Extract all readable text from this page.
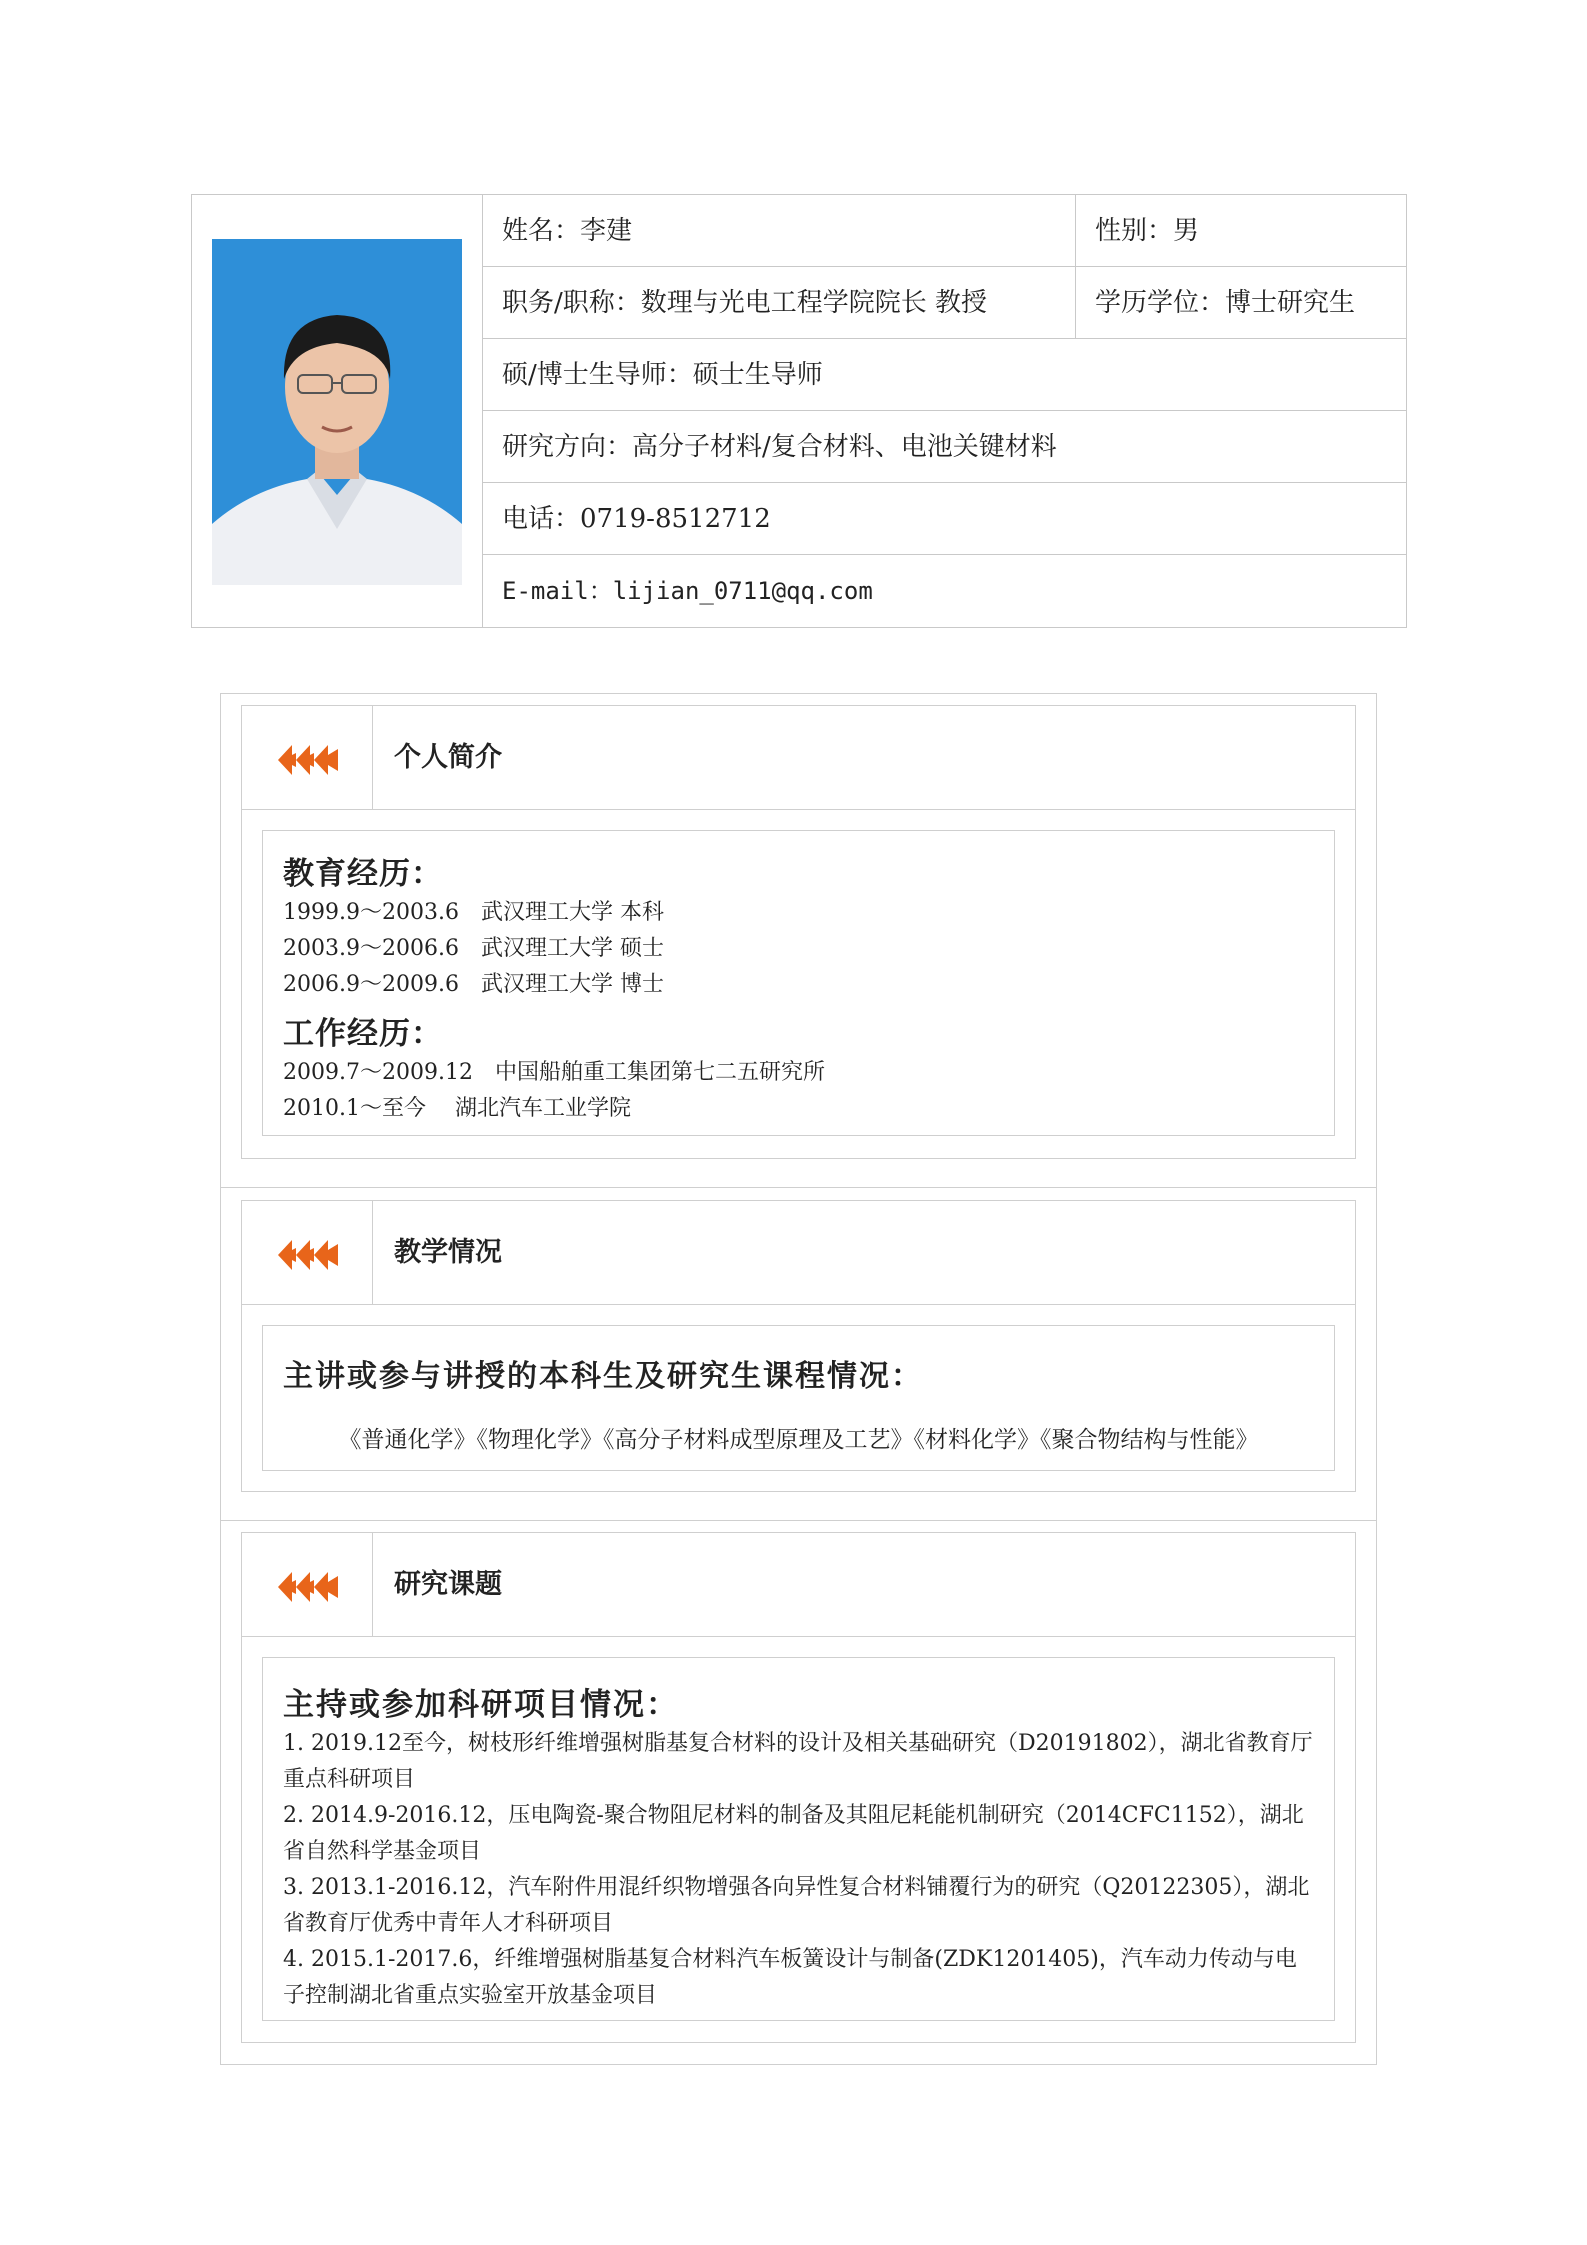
姓名：李建	性别：男
职务/职称：数理与光电工程学院院长 教授	学历学位：博士研究生
硕/博士生导师：硕士生导师
研究方向：高分子材料/复合材料、电池关键材料
电话：0719-8512712
E-mail：lijian_0711@qq.com
个人简介
教育经历：
1999.9～2003.6　武汉理工大学 本科
2003.9～2006.6　武汉理工大学 硕士
2006.9～2009.6　武汉理工大学 博士
工作经历：
2009.7～2009.12　中国船舶重工集团第七二五研究所
2010.1～至今　 湖北汽车工业学院
教学情况
主讲或参与讲授的本科生及研究生课程情况：
《普通化学》《物理化学》《高分子材料成型原理及工艺》《材料化学》《聚合物结构与性能》
研究课题
主持或参加科研项目情况：

1. 2019.12至今，树枝形纤维增强树脂基复合材料的设计及相关基础研究（D20191802），湖北省教育厅重点科研项目

2. 2014.9-2016.12，压电陶瓷-聚合物阻尼材料的制备及其阻尼耗能机制研究（2014CFC1152），湖北省自然科学基金项目

3. 2013.1-2016.12，汽车附件用混纤织物增强各向异性复合材料铺覆行为的研究（Q20122305），湖北省教育厅优秀中青年人才科研项目

4. 2015.1-2017.6，纤维增强树脂基复合材料汽车板簧设计与制备(ZDK1201405)，汽车动力传动与电子控制湖北省重点实验室开放基金项目
